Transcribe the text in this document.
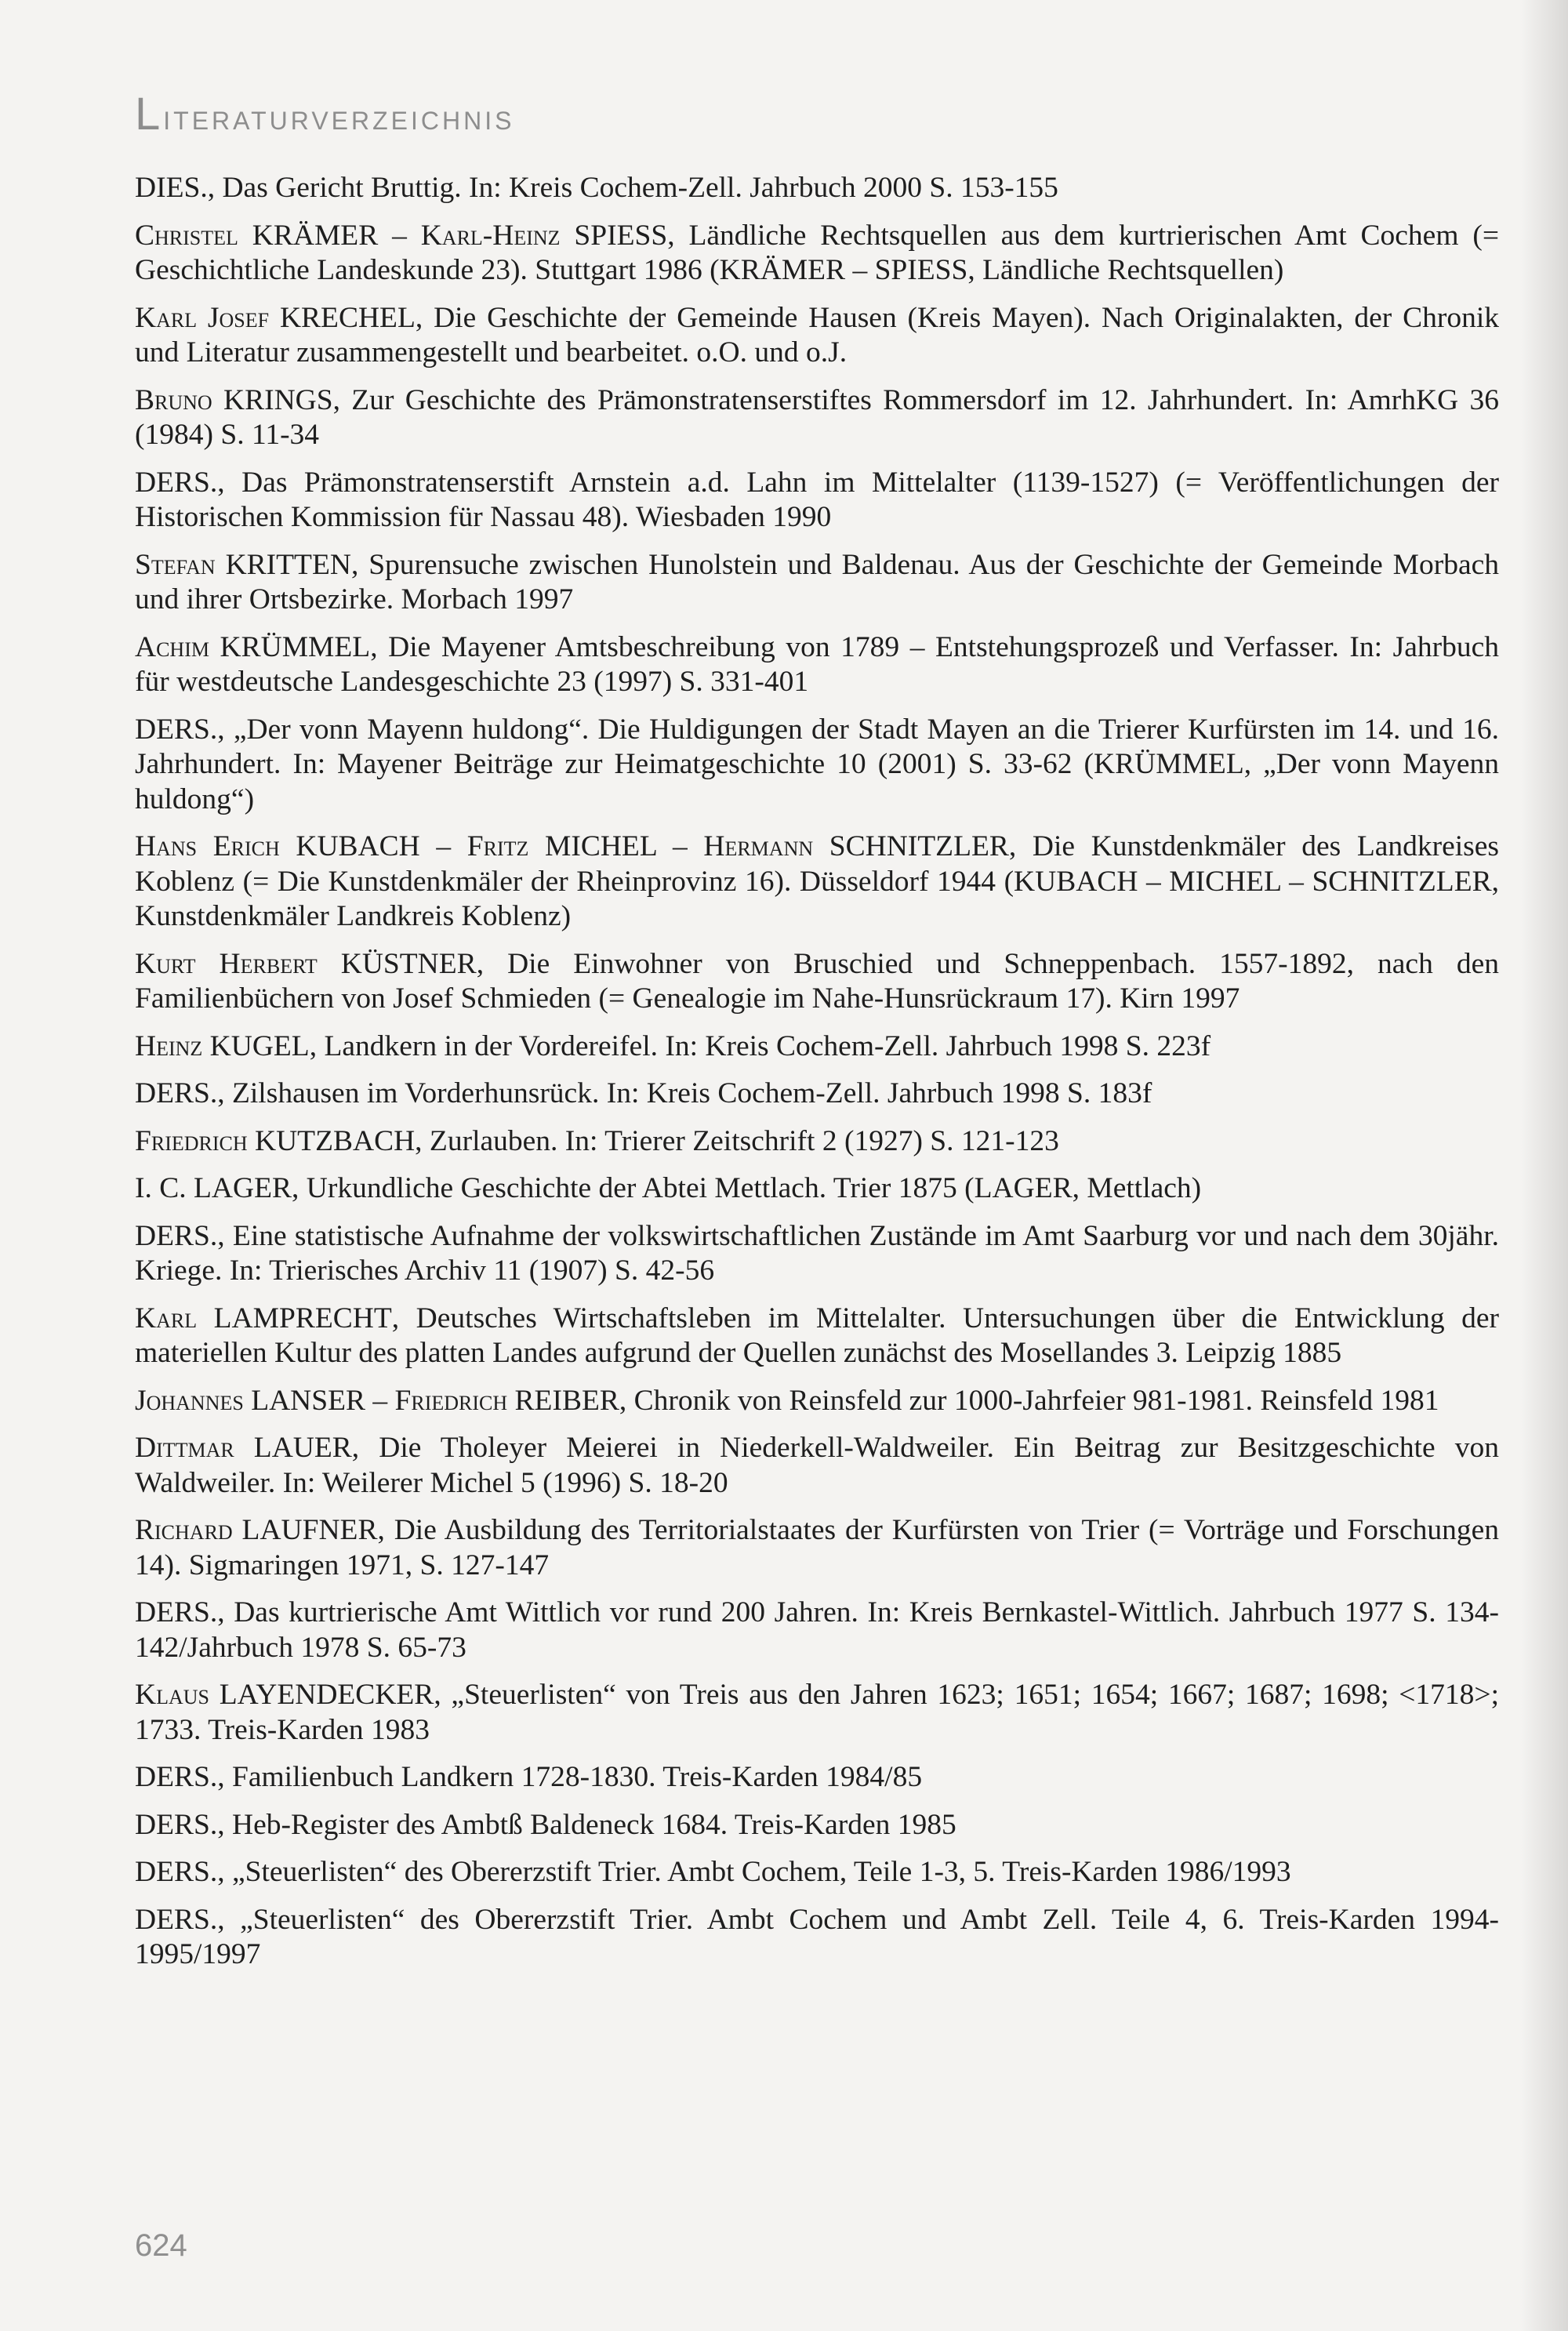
Literaturverzeichnis

DIES., Das Gericht Bruttig. In: Kreis Cochem-Zell. Jahrbuch 2000 S. 153-155

Christel KRÄMER – Karl-Heinz SPIESS, Ländliche Rechtsquellen aus dem kurtrierischen Amt Cochem (= Geschichtliche Landeskunde 23). Stuttgart 1986 (KRÄMER – SPIESS, Ländliche Rechtsquellen)

Karl Josef KRECHEL, Die Geschichte der Gemeinde Hausen (Kreis Mayen). Nach Originalakten, der Chronik und Literatur zusammengestellt und bearbeitet. o.O. und o.J.

Bruno KRINGS, Zur Geschichte des Prämonstratenserstiftes Rommersdorf im 12. Jahrhundert. In: AmrhKG 36 (1984) S. 11-34

DERS., Das Prämonstratenserstift Arnstein a.d. Lahn im Mittelalter (1139-1527) (= Veröffentlichungen der Historischen Kommission für Nassau 48). Wiesbaden 1990

Stefan KRITTEN, Spurensuche zwischen Hunolstein und Baldenau. Aus der Geschichte der Gemeinde Morbach und ihrer Ortsbezirke. Morbach 1997

Achim KRÜMMEL, Die Mayener Amtsbeschreibung von 1789 – Entstehungsprozeß und Verfasser. In: Jahrbuch für westdeutsche Landesgeschichte 23 (1997) S. 331-401

DERS., „Der vonn Mayenn huldong“. Die Huldigungen der Stadt Mayen an die Trierer Kurfürsten im 14. und 16. Jahrhundert. In: Mayener Beiträge zur Heimatgeschichte 10 (2001) S. 33-62 (KRÜMMEL, „Der vonn Mayenn huldong“)

Hans Erich KUBACH – Fritz MICHEL – Hermann SCHNITZLER, Die Kunstdenkmäler des Landkreises Koblenz (= Die Kunstdenkmäler der Rheinprovinz 16). Düsseldorf 1944 (KUBACH – MICHEL – SCHNITZLER, Kunstdenkmäler Landkreis Koblenz)

Kurt Herbert KÜSTNER, Die Einwohner von Bruschied und Schneppenbach. 1557-1892, nach den Familienbüchern von Josef Schmieden (= Genealogie im Nahe-Hunsrückraum 17). Kirn 1997

Heinz KUGEL, Landkern in der Vordereifel. In: Kreis Cochem-Zell. Jahrbuch 1998 S. 223f

DERS., Zilshausen im Vorderhunsrück. In: Kreis Cochem-Zell. Jahrbuch 1998 S. 183f

Friedrich KUTZBACH, Zurlauben. In: Trierer Zeitschrift 2 (1927) S. 121-123

I. C. LAGER, Urkundliche Geschichte der Abtei Mettlach. Trier 1875 (LAGER, Mettlach)

DERS., Eine statistische Aufnahme der volkswirtschaftlichen Zustände im Amt Saarburg vor und nach dem 30jähr. Kriege. In: Trierisches Archiv 11 (1907) S. 42-56

Karl LAMPRECHT, Deutsches Wirtschaftsleben im Mittelalter. Untersuchungen über die Entwicklung der materiellen Kultur des platten Landes aufgrund der Quellen zunächst des Mosellandes 3. Leipzig 1885

Johannes LANSER – Friedrich REIBER, Chronik von Reinsfeld zur 1000-Jahrfeier 981-1981. Reinsfeld 1981

Dittmar LAUER, Die Tholeyer Meierei in Niederkell-Waldweiler. Ein Beitrag zur Besitzgeschichte von Waldweiler. In: Weilerer Michel 5 (1996) S. 18-20

Richard LAUFNER, Die Ausbildung des Territorialstaates der Kurfürsten von Trier (= Vorträge und Forschungen 14). Sigmaringen 1971, S. 127-147

DERS., Das kurtrierische Amt Wittlich vor rund 200 Jahren. In: Kreis Bernkastel-Wittlich. Jahrbuch 1977 S. 134-142/Jahrbuch 1978 S. 65-73

Klaus LAYENDECKER, „Steuerlisten“ von Treis aus den Jahren 1623; 1651; 1654; 1667; 1687; 1698; <1718>; 1733. Treis-Karden 1983

DERS., Familienbuch Landkern 1728-1830. Treis-Karden 1984/85

DERS., Heb-Register des Ambtß Baldeneck 1684. Treis-Karden 1985

DERS., „Steuerlisten“ des Obererzstift Trier. Ambt Cochem, Teile 1-3, 5. Treis-Karden 1986/1993

DERS., „Steuerlisten“ des Obererzstift Trier. Ambt Cochem und Ambt Zell. Teile 4, 6. Treis-Karden 1994-1995/1997

624
